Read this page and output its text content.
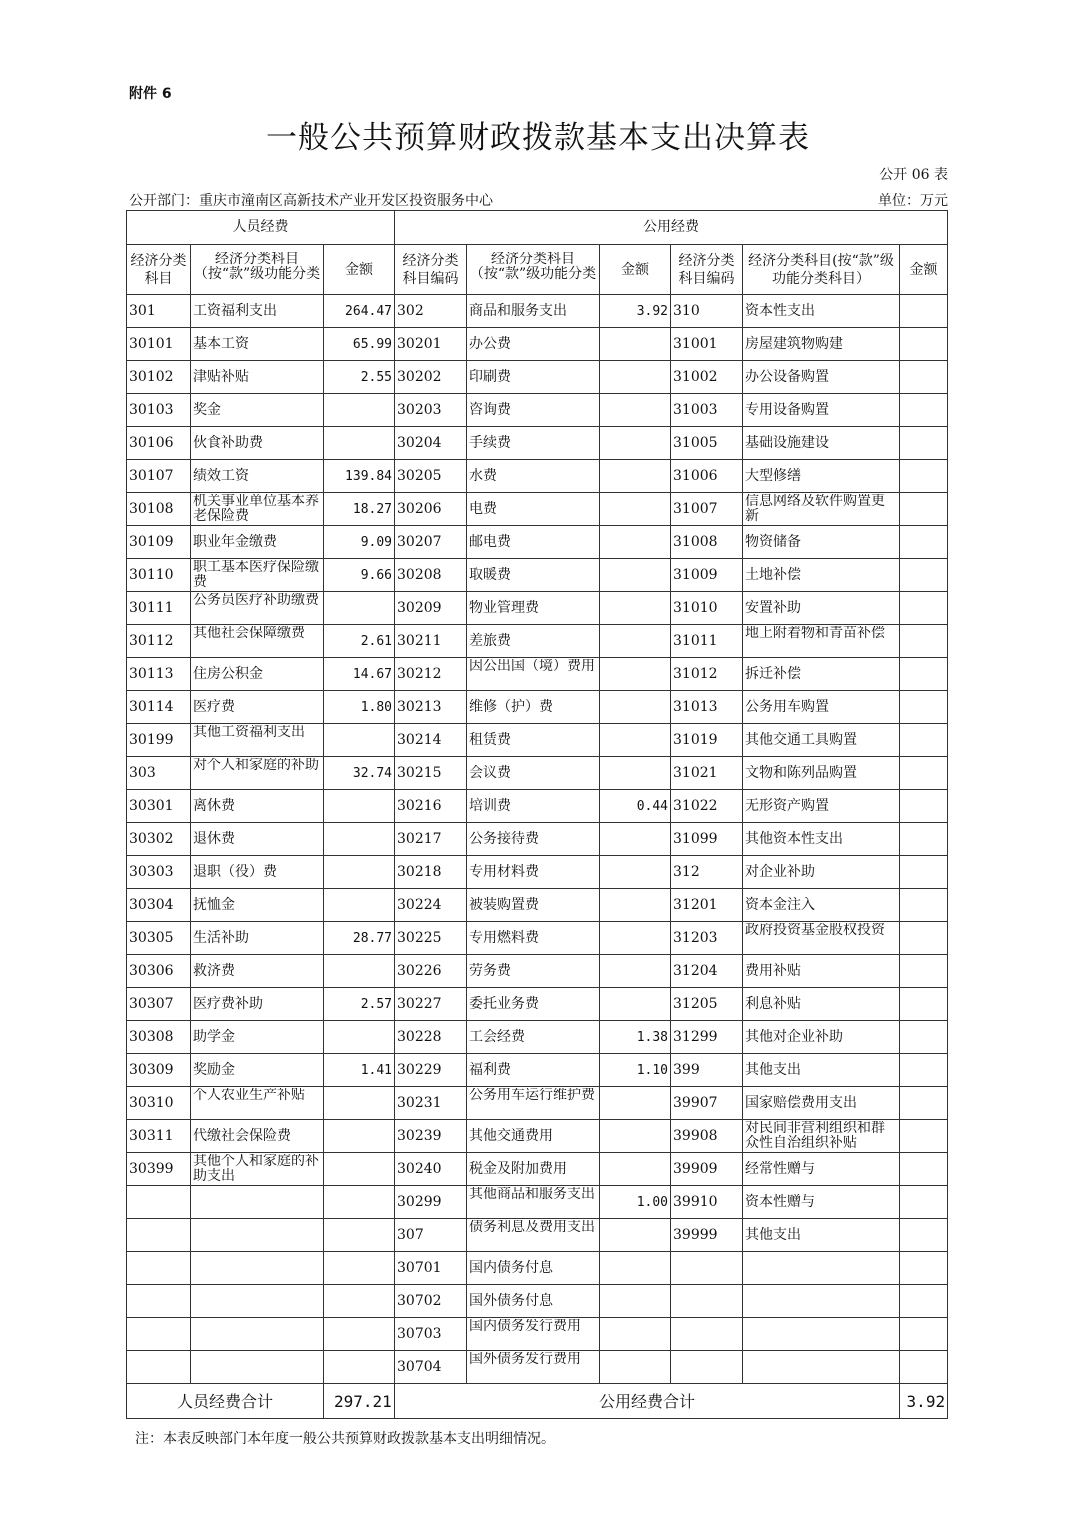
附件 6
一般公共预算财政拨款基本支出决算表
公开 06 表
公开部门：重庆市潼南区高新技术产业开发区投资服务中心	单位：万元
人员经费			公用经费					
经济分类科目	经济分类科目（按“款”级功能分类	金额	经济分类科目编码	经济分类科目（按“款”级功能分类	金额	经济分类科目编码	经济分类科目(按“款”级功能分类科目）	金额
301	工资福利支出	264.47	302	商品和服务支出	3.92	310	资本性支出	
30101	基本工资	65.99	30201	办公费		31001	房屋建筑物购建	
30102	津贴补贴	2.55	30202	印刷费		31002	办公设备购置	
30103	奖金		30203	咨询费		31003	专用设备购置	
30106	伙食补助费		30204	手续费		31005	基础设施建设	
30107	绩效工资	139.84	30205	水费		31006	大型修缮	
30108	机关事业单位基本养老保险费	18.27	30206	电费		31007	信息网络及软件购置更新	

30109	职业年金缴费	9.09	30207	邮电费		31008	物资储备	
30110	职工基本医疗保险缴费	9.66	30208	取暖费		31009	土地补偿	
30111	公务员医疗补助缴费		30209	物业管理费		31010	安置补助	
30112	其他社会保障缴费	2.61	30211	差旅费		31011	地上附着物和青苗补偿	

30113	住房公积金	14.67	30212	因公出国（境）费用		31012	拆迁补偿	
30114	医疗费	1.80	30213	维修（护）费		31013	公务用车购置	
30199	其他工资福利支出		30214	租赁费		31019	其他交通工具购置	
303	对个人和家庭的补助	32.74	30215	会议费		31021	文物和陈列品购置	
30301	离休费		30216	培训费	0.44	31022	无形资产购置	
30302	退休费		30217	公务接待费		31099	其他资本性支出	
30303	退职（役）费		30218	专用材料费		312	对企业补助	
30304	抚恤金		30224	被装购置费		31201	资本金注入	
30305	生活补助	28.77	30225	专用燃料费		31203	政府投资基金股权投资	

30306	救济费		30226	劳务费		31204	费用补贴	
30307	医疗费补助	2.57	30227	委托业务费		31205	利息补贴	
30308	助学金		30228	工会经费	1.38	31299	其他对企业补助	
30309	奖励金	1.41	30229	福利费	1.10	399	其他支出	
30310	个人农业生产补贴		30231	公务用车运行维护费		39907	国家赔偿费用支出	
30311	代缴社会保险费		30239	其他交通费用		39908	对民间非营利组织和群众性自治组织补贴	

30399	其他个人和家庭的补助支出		30240	税金及附加费用		39909	经常性赠与	
			30299	其他商品和服务支出	1.00	39910	资本性赠与	
			307	债务利息及费用支出		39999	其他支出	
			30701	国内债务付息				
			30702	国外债务付息				
			30703	国内债务发行费用				

			30704	国外债务发行费用				

人员经费合计		297.21	公用经费合计					3.92
注：本表反映部门本年度一般公共预算财政拨款基本支出明细情况。
